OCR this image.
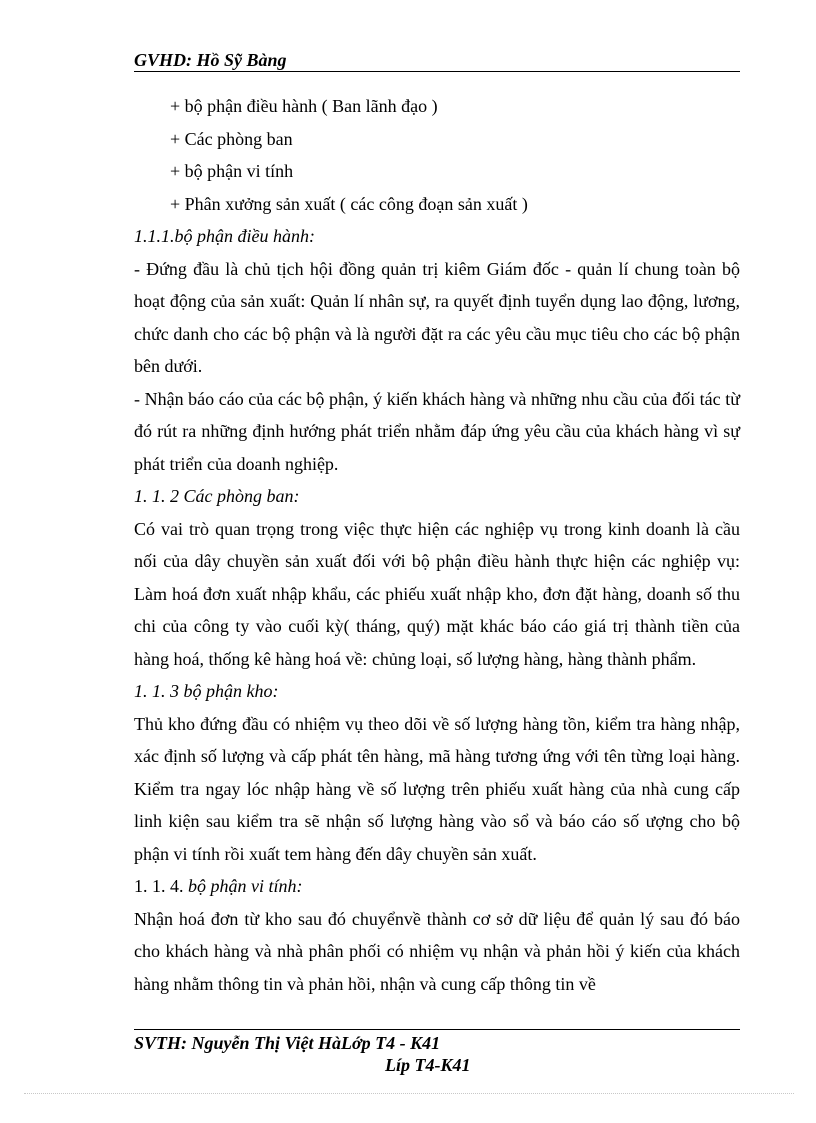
GVHD: Hồ Sỹ Bàng
+ bộ phận điều hành ( Ban lãnh đạo )
+ Các phòng ban
+ bộ phận vi tính
+ Phân xưởng sản xuất ( các công đoạn sản xuất )
1.1.1.bộ phận điều hành:
- Đứng đầu là chủ tịch hội đồng quản trị kiêm Giám đốc - quản lí chung toàn bộ hoạt động của sản xuất: Quản lí nhân sự, ra quyết định tuyển dụng lao động, lương, chức danh cho các bộ phận và là người đặt ra các yêu cầu mục tiêu cho các bộ phận bên dưới.
- Nhận báo cáo của các bộ phận, ý kiến khách hàng và những nhu cầu của đối tác từ đó rút ra những định hướng phát triển nhằm đáp ứng yêu cầu của khách hàng vì sự phát triển của doanh nghiệp.
1. 1. 2 Các phòng ban:
Có vai trò quan trọng trong việc thực hiện các nghiệp vụ trong kinh doanh là cầu nối của dây chuyền sản xuất đối với bộ phận điều hành thực hiện các nghiệp vụ: Làm hoá đơn xuất nhập khẩu, các phiếu xuất nhập kho, đơn đặt hàng, doanh số thu chi của công ty vào cuối kỳ( tháng, quý) mặt khác báo cáo giá trị thành tiền của hàng hoá, thống kê hàng hoá về: chủng loại, số lượng hàng, hàng thành phẩm.
1. 1. 3 bộ phận kho:
Thủ kho đứng đầu có nhiệm vụ theo dõi về số lượng hàng tồn, kiểm tra hàng nhập, xác định số lượng và cấp phát tên hàng, mã hàng tương ứng với tên từng loại hàng. Kiểm tra ngay lóc nhập hàng về số lượng trên phiếu xuất hàng của nhà cung cấp linh kiện sau kiểm tra sẽ nhận số lượng hàng vào sổ và báo cáo số ượng cho bộ phận vi tính rồi xuất tem hàng đến dây chuyền sản xuất.
1. 1. 4. bộ phận vi tính:
Nhận hoá đơn từ kho sau đó chuyểnvề thành cơ sở dữ liệu để quản lý sau đó báo cho khách hàng và nhà phân phối có nhiệm vụ nhận và phản hồi ý kiến của khách hàng nhằm thông tin và phản hồi, nhận và cung cấp thông tin về
SVTH: Nguyễn Thị Việt HàLớp T4 - K41
Líp T4-K41
